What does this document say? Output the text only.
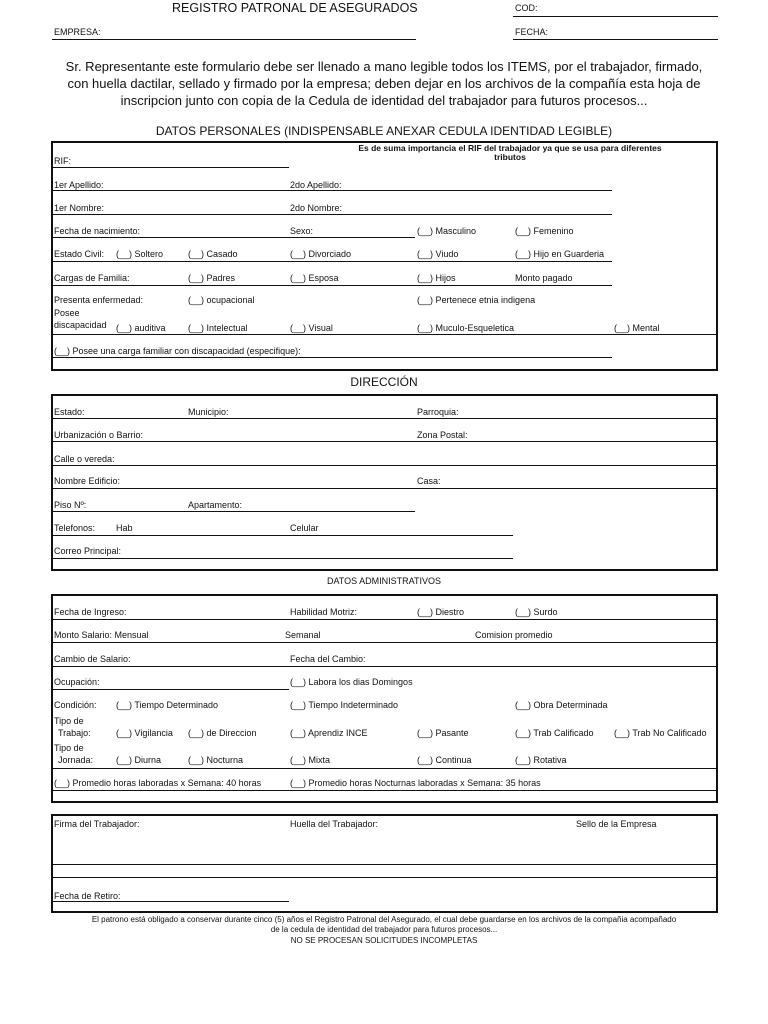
REGISTRO PATRONAL DE ASEGURADOS	COD:
EMPRESA:	FECHA:
Sr. Representante este formulario debe ser llenado a mano legible todos los ITEMS, por el trabajador, firmado,
con huella dactilar, sellado y firmado por la empresa; deben dejar en los archivos de la compañía esta hoja de
inscripcion junto con copia de la Cedula de identidad del trabajador para futuros procesos...
DATOS PERSONALES (INDISPENSABLE ANEXAR CEDULA IDENTIDAD LEGIBLE)
Es de suma importancia el RIF del trabajador ya que se usa para diferentes
tributos
RIF:
1er Apellido:	2do Apellido:
1er Nombre:	2do Nombre:
Fecha de nacimiento:	Sexo:	(__) Masculino	(__) Femenino
Estado Civil: (__) Soltero	(__) Casado	(__) Divorciado	(__) Viudo	(__) Hijo en Guarderia
Cargas de Familia:	(__) Padres	(__) Esposa	(__) Hijos	Monto pagado
Presenta enfermedad:	(__) ocupacional	(__) Pertenece etnia indigena
Posee
discapacidad (__) auditiva (__) Intelectual	(__) Visual	(__) Muculo-Esqueletica	(__) Mental
(__) Posee una carga familiar con discapacidad (especifique):
DIRECCIÓN
Estado:	Municipio:	Parroquia:
Urbanización o Barrio:	Zona Postal:
Calle o vereda:
Nombre Edificio:	Casa:
Piso Nº:	Apartamento:
Telefonos: Hab	Celular
Correo Principal:
DATOS ADMINISTRATIVOS
Fecha de Ingreso:	Habilidad Motriz:	(__) Diestro	(__) Surdo
Monto Salario: Mensual	Semanal	Comision promedio
Cambio de Salario:	Fecha del Cambio:
Ocupación:	(__) Labora los dias Domingos
Condición: (__) Tiempo Determinado	(__) Tiempo Indeterminado	(__) Obra Determinada
Tipo de
Trabajo:	(__) Vigilancia (__) de Direccion	(__) Aprendiz INCE	(__) Pasante	(__) Trab Calificado (__) Trab No Calificado
Tipo de
Jornada:	(__) Diurna	(__) Nocturna	(__) Mixta	(__) Continua	(__) Rotativa
(__) Promedio horas laboradas x Semana: 40 horas	(__) Promedio horas Nocturnas laboradas x Semana: 35 horas
Firma del Trabajador:	Huella del Trabajador:	Sello de la Empresa
Fecha de Retiro:
El patrono está obligado a conservar durante cinco (5) años el Registro Patronal del Asegurado, el cual debe guardarse en los archivos de la compañia acompañado
de la cedula de identidad del trabajador para futuros procesos...
NO SE PROCESAN SOLICITUDES INCOMPLETAS
